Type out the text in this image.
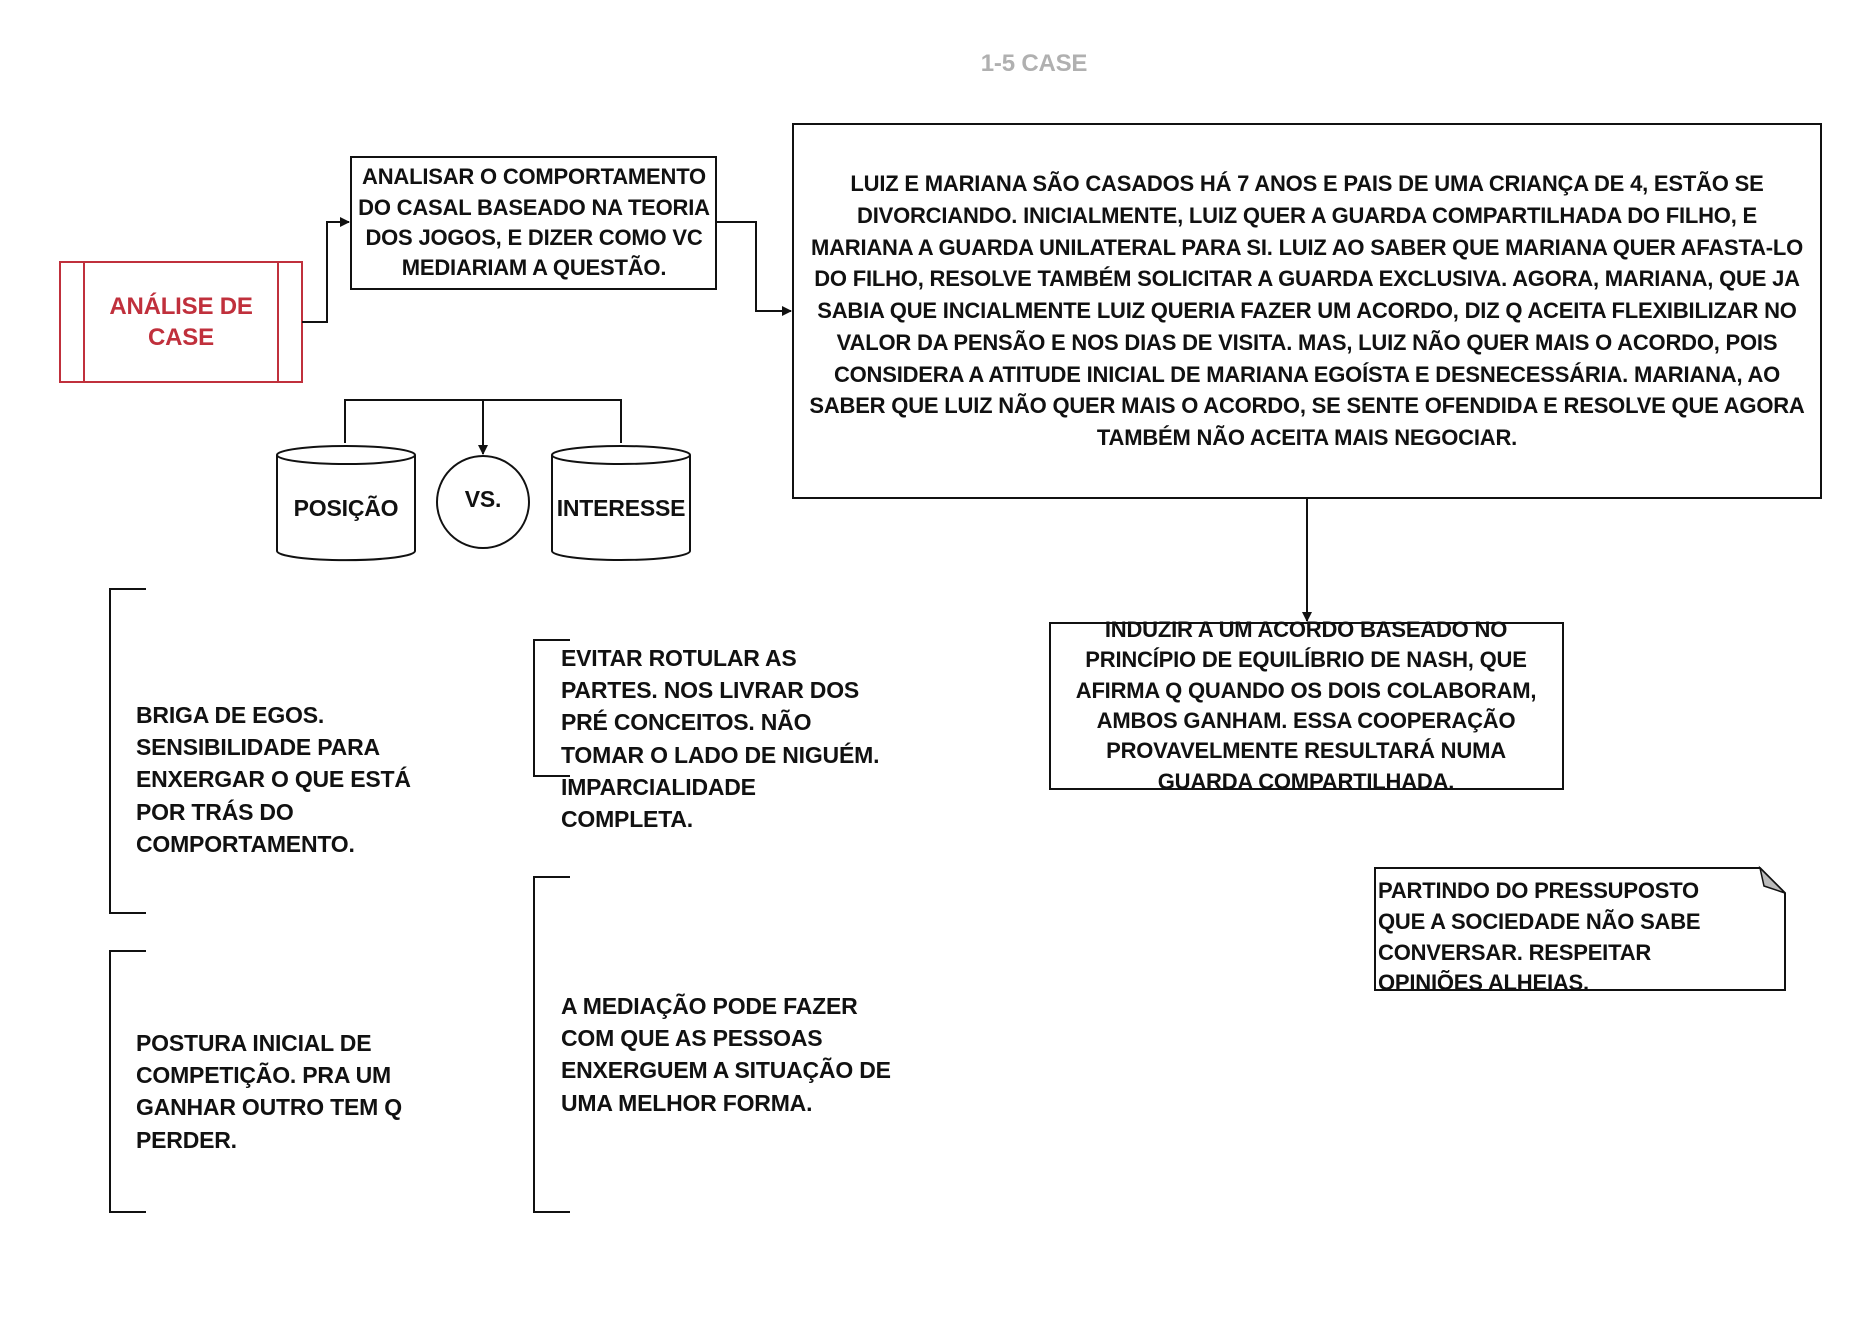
1-5 CASE
ANÁLISE DE CASE
ANALISAR O COMPORTAMENTO DO CASAL BASEADO NA TEORIA DOS JOGOS, E DIZER COMO VC MEDIARIAM A QUESTÃO.
LUIZ E MARIANA SÃO CASADOS HÁ 7 ANOS E PAIS DE UMA CRIANÇA DE 4, ESTÃO SE DIVORCIANDO. INICIALMENTE, LUIZ QUER A GUARDA COMPARTILHADA DO FILHO, E MARIANA A GUARDA UNILATERAL PARA SI. LUIZ AO SABER QUE MARIANA QUER AFASTA-LO DO FILHO, RESOLVE TAMBÉM SOLICITAR A GUARDA EXCLUSIVA. AGORA, MARIANA, QUE JA SABIA QUE INCIALMENTE LUIZ QUERIA FAZER UM ACORDO, DIZ Q ACEITA FLEXIBILIZAR NO VALOR DA PENSÃO E NOS DIAS DE VISITA. MAS, LUIZ NÃO QUER MAIS O ACORDO, POIS CONSIDERA A ATITUDE INICIAL DE MARIANA EGOÍSTA E DESNECESSÁRIA. MARIANA, AO SABER QUE LUIZ NÃO QUER MAIS O ACORDO, SE SENTE OFENDIDA E RESOLVE QUE AGORA TAMBÉM NÃO ACEITA MAIS NEGOCIAR.
POSIÇÃO	VS.	INTERESSE
BRIGA DE EGOS. SENSIBILIDADE PARA ENXERGAR O QUE ESTÁ POR TRÁS DO COMPORTAMENTO.
EVITAR ROTULAR AS PARTES. NOS LIVRAR DOS PRÉ CONCEITOS. NÃO TOMAR O LADO DE NIGUÉM. IMPARCIALIDADE COMPLETA.
POSTURA INICIAL DE COMPETIÇÃO. PRA UM GANHAR OUTRO TEM Q PERDER.
A MEDIAÇÃO PODE FAZER COM QUE AS PESSOAS ENXERGUEM A SITUAÇÃO DE UMA MELHOR FORMA.
INDUZIR A UM ACORDO BASEADO NO PRINCÍPIO DE EQUILÍBRIO DE NASH, QUE AFIRMA Q QUANDO OS DOIS COLABORAM, AMBOS GANHAM. ESSA COOPERAÇÃO PROVAVELMENTE RESULTARÁ NUMA GUARDA COMPARTILHADA.
PARTINDO DO PRESSUPOSTO QUE A SOCIEDADE NÃO SABE CONVERSAR. RESPEITAR OPINIÕES ALHEIAS.
